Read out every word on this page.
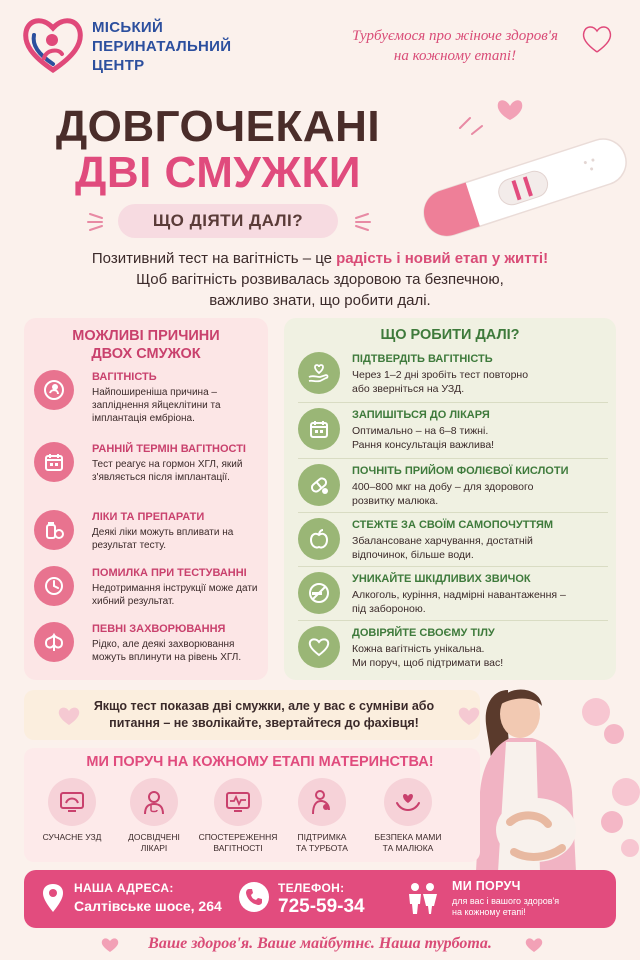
МІСЬКИЙ
ПЕРИНАТАЛЬНИЙ
ЦЕНТР
Турбуємося про жіноче здоров'я
на кожному етапі!
ДОВГОЧЕКАНІ
ДВІ СМУЖКИ
ЩО ДІЯТИ ДАЛІ?
Позитивний тест на вагітність – це радість і новий етап у житті!
Щоб вагітність розвивалась здоровою та безпечною,
важливо знати, що робити далі.
МОЖЛИВІ ПРИЧИНИ
ДВОХ СМУЖОК
ВАГІТНІСТЬ
Найпоширеніша причина – запліднення яйцеклітини та імплантація ембріона.
РАННІЙ ТЕРМІН ВАГІТНОСТІ
Тест реагує на гормон ХГЛ, який з'являється після імплантації.
ЛІКИ ТА ПРЕПАРАТИ
Деякі ліки можуть впливати на результат тесту.
ПОМИЛКА ПРИ ТЕСТУВАННІ
Недотримання інструкції може дати хибний результат.
ПЕВНІ ЗАХВОРЮВАННЯ
Рідко, але деякі захворювання можуть вплинути на рівень ХГЛ.
ЩО РОБИТИ ДАЛІ?
ПІДТВЕРДІТЬ ВАГІТНІСТЬ
Через 1–2 дні зробіть тест повторно
або зверніться на УЗД.
ЗАПИШІТЬСЯ ДО ЛІКАРЯ
Оптимально – на 6–8 тижні.
Рання консультація важлива!
ПОЧНІТЬ ПРИЙОМ ФОЛІЄВОЇ КИСЛОТИ
400–800 мкг на добу – для здорового
розвитку малюка.
СТЕЖТЕ ЗА СВОЇМ САМОПОЧУТТЯМ
Збалансоване харчування, достатній
відпочинок, більше води.
УНИКАЙТЕ ШКІДЛИВИХ ЗВИЧОК
Алкоголь, куріння, надмірні навантаження –
під забороною.
ДОВІРЯЙТЕ СВОЄМУ ТІЛУ
Кожна вагітність унікальна.
Ми поруч, щоб підтримати вас!
Якщо тест показав дві смужки, але у вас є сумніви або
питання – не зволікайте, звертайтеся до фахівця!
МИ ПОРУЧ НА КОЖНОМУ ЕТАПІ МАТЕРИНСТВА!
СУЧАСНЕ УЗД	ДОСВІДЧЕНІ
ЛІКАРІ
СПОСТЕРЕЖЕННЯ
ВАГІТНОСТІ
ПІДТРИМКА
ТА ТУРБОТА
БЕЗПЕКА МАМИ
ТА МАЛЮКА
НАША АДРЕСА:
Салтівське шосе, 264
ТЕЛЕФОН:
725-59-34
МИ ПОРУЧ
для вас і вашого здоров'я
на кожному етапі!
Ваше здоров'я. Ваше майбутнє. Наша турбота.
